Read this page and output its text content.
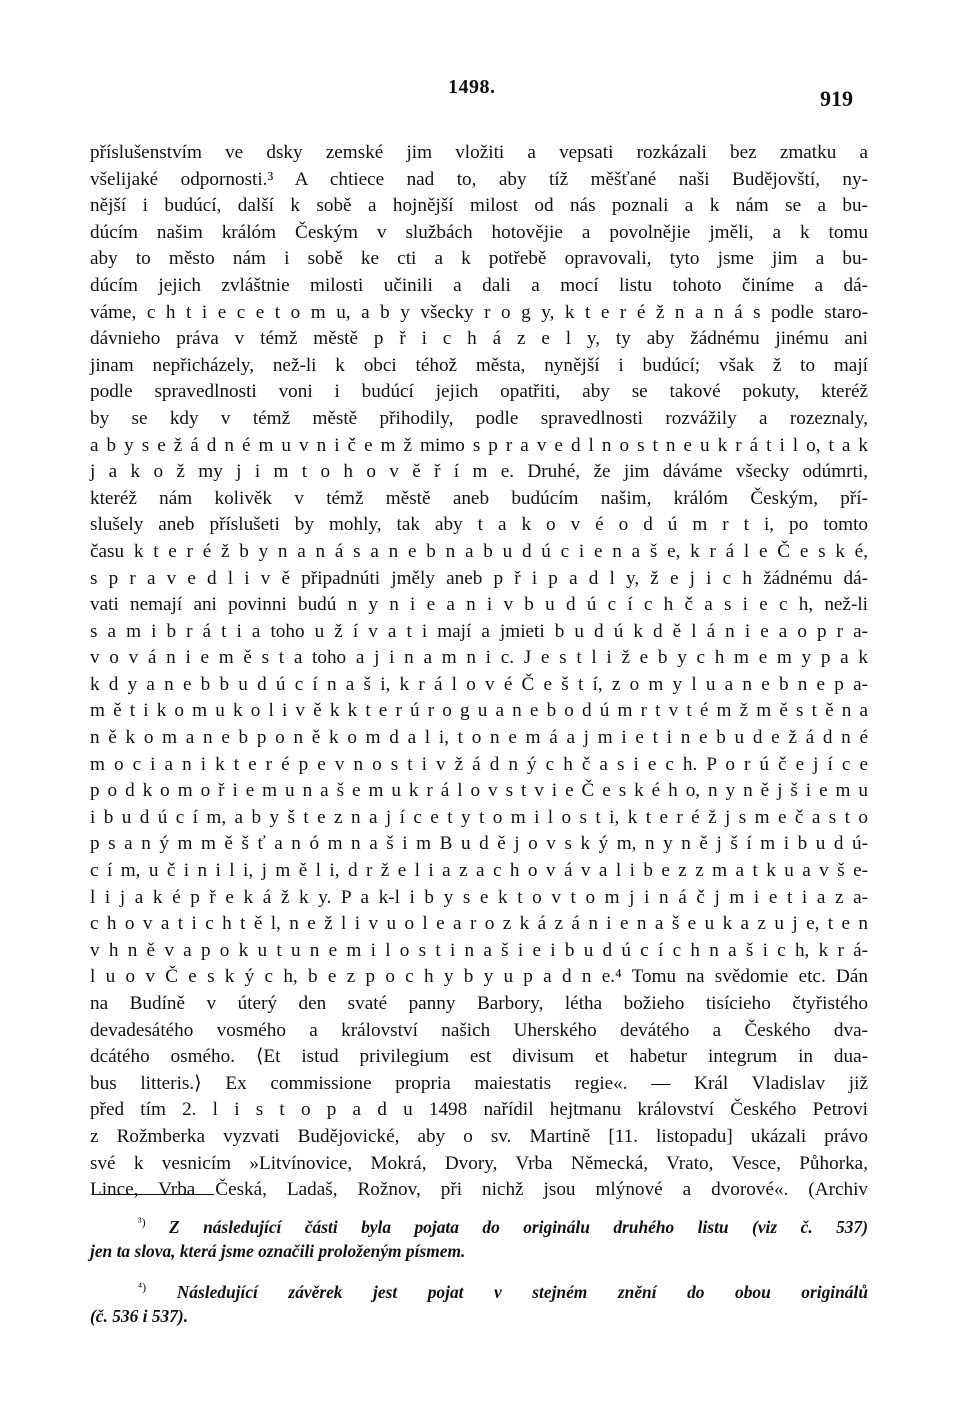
1498.	919
příslušenstvím ve dsky zemské jim vložiti a vepsati rozkázali bez zmatku a
všelijaké odpornosti.³ A chtiece nad to, aby tíž měšťané naši Budějovští, ny-
nější i budúcí, další k sobě a hojnější milost od nás poznali a k nám se a bu-
dúcím našim králóm Českým v službách hotovějie a povolnějie jměli, a k tomu
aby to město nám i sobě ke cti a k potřebě opravovali, tyto jsme jim a bu-
dúcím jejich zvláštnie milosti učinili a dali a mocí listu tohoto činíme a dá-
váme, c h t i e c e t o m u, a b y všecky r o g y, k t e r é ž n a n á s podle staro-
dávnieho práva v témž městě p ř i c h á z e l y, ty aby žádnému jinému ani
jinam nepřicházely, než-li k obci téhož města, nynější i budúcí; však ž to mají
podle spravedlnosti voni i budúcí jejich opatřiti, aby se takové pokuty, kteréž
by se kdy v témž městě přihodily, podle spravedlnosti rozvážily a rozeznaly,
a b y s e ž á d n é m u v n i č e m ž mimo s p r a v e d l n o s t n e u k r á t i l o, t a k
j a k o ž my j i m t o h o v ě ř í m e. Druhé, že jim dáváme všecky odúmrti,
kteréž nám kolivěk v témž městě aneb budúcím našim, králóm Českým, pří-
slušely aneb příslušeti by mohly, tak aby t a k o v é o d ú m r t i, po tomto
času k t e r é ž b y n a n á s a n e b n a b u d ú c i e n a š e, k r á l e Č e s k é,
s p r a v e d l i v ě připadnúti jměly aneb p ř i p a d l y, ž e j i c h žádnému dá-
vati nemají ani povinni budú n y n i e a n i v b u d ú c í c h č a s i e c h, než-li
s a m i b r á t i a toho u ž í v a t i mají a jmieti b u d ú k d ě l á n i e a o p r a-
v o v á n i e m ě s t a toho a j i n a m n i c. J e s t l i ž e b y c h m e m y p a k
k d y a n e b b u d ú c í n a š i, k r á l o v é Č e š t í, z o m y l u a n e b n e p a-
m ě t i k o m u k o l i v ě k k t e r ú r o g u a n e b o d ú m r t v t é m ž m ě s t ě n a
n ě k o m a n e b p o n ě k o m d a l i, t o n e m á a j m i e t i n e b u d e ž á d n é
m o c i a n i k t e r é p e v n o s t i v ž á d n ý c h č a s i e c h. P o r ú č e j í c e
p o d k o m o ř i e m u n a š e m u k r á l o v s t v i e Č e s k é h o, n y n ě j š i e m u
i b u d ú c í m, a b y š t e z n a j í c e t y t o m i l o s t i, k t e r é ž j s m e č a s t o
p s a n ý m m ě š ť a n ó m n a š i m B u d ě j o v s k ý m, n y n ě j š í m i b u d ú-
c í m, u č i n i l i, j m ě l i, d r ž e l i a z a c h o v á v a l i b e z z m a t k u a v š e-
l i j a k é p ř e k á ž k y. P a k-l i b y s e k t o v t o m j i n á č j m i e t i a z a-
c h o v a t i c h t ě l, n e ž l i v u o l e a r o z k á z á n i e n a š e u k a z u j e, t e n
v h n ě v a p o k u t u n e m i l o s t i n a š i e i b u d ú c í c h n a š i c h, k r á-
l u o v Č e s k ý c h, b e z p o c h y b y u p a d n e.⁴ Tomu na svědomie etc. Dán
na Budíně v úterý den svaté panny Barbory, létha božieho tisícieho čtyřistého
devadesátého vosmého a království našich Uherského devátého a Českého dva-
dcátého osmého. ⟨Et istud privilegium est divisum et habetur integrum in dua-
bus litteris.⟩ Ex commissione propria maiestatis regie«. — Král Vladislav již
před tím 2. l i s t o p a d u 1498 nařídil hejtmanu království Českého Petrovi
z Rožmberka vyzvati Budějovické, aby o sv. Martině [11. listopadu] ukázali právo
své k vesnicím »Litvínovice, Mokrá, Dvory, Vrba Německá, Vrato, Vesce, Půhorka,
Lince, Vrba Česká, Ladaš, Rožnov, při nichž jsou mlýnové a dvorové«. (Archiv
$^{^3)}$ Z následující části byla pojata do originálu druhého listu (viz č. 537)
jen ta slova, která jsme označili proloženým písmem.
$^{^4)}$ Následující závěrek jest pojat v stejném znění do obou originálů
(č. 536 i 537).
